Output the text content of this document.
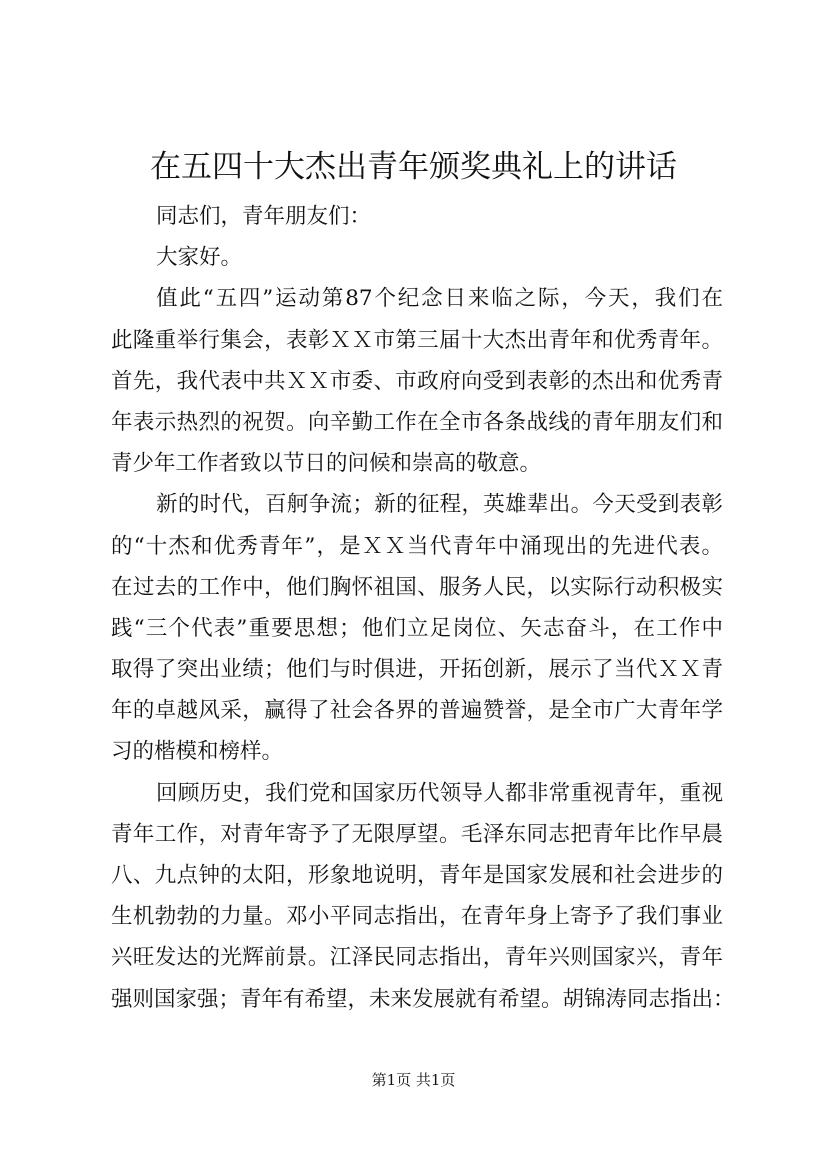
在五四十大杰出青年颁奖典礼上的讲话
同志们，青年朋友们：
大家好。
值此“五四”运动第87个纪念日来临之际，今天，我们在
此隆重举行集会，表彰ＸＸ市第三届十大杰出青年和优秀青年。
首先，我代表中共ＸＸ市委、市政府向受到表彰的杰出和优秀青
年表示热烈的祝贺。向辛勤工作在全市各条战线的青年朋友们和
青少年工作者致以节日的问候和崇高的敬意。
新的时代，百舸争流；新的征程，英雄辈出。今天受到表彰
的“十杰和优秀青年”，是ＸＸ当代青年中涌现出的先进代表。
在过去的工作中，他们胸怀祖国、服务人民，以实际行动积极实
践“三个代表”重要思想；他们立足岗位、矢志奋斗，在工作中
取得了突出业绩；他们与时俱进，开拓创新，展示了当代ＸＸ青
年的卓越风采，赢得了社会各界的普遍赞誉，是全市广大青年学
习的楷模和榜样。
回顾历史，我们党和国家历代领导人都非常重视青年，重视
青年工作，对青年寄予了无限厚望。毛泽东同志把青年比作早晨
八、九点钟的太阳，形象地说明，青年是国家发展和社会进步的
生机勃勃的力量。邓小平同志指出，在青年身上寄予了我们事业
兴旺发达的光辉前景。江泽民同志指出，青年兴则国家兴，青年
强则国家强；青年有希望，未来发展就有希望。胡锦涛同志指出：
第1页 共1页
